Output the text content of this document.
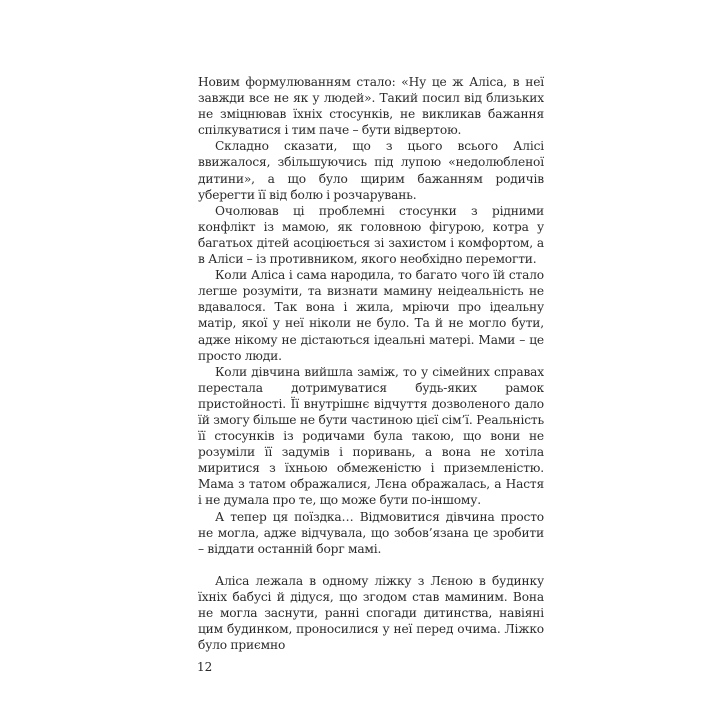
Новим формулюванням стало: «Ну це ж Аліса, в неї завжди все не як у людей». Такий посил від близьких не зміцнював їхніх стосунків, не викликав бажання спілкуватися і тим паче – бути відвертою.

Складно сказати, що з цього всього Алісі ввижалося, збільшуючись під лупою «недолюбленої дитини», а що було щирим бажанням родичів уберегти її від болю і розчарувань.

Очолював ці проблемні стосунки з рідними конфлікт із мамою, як головною фігурою, котра у багатьох дітей асоціюється зі захистом і комфортом, а в Аліси – із противником, якого необхідно перемогти.

Коли Аліса і сама народила, то багато чого їй стало легше розуміти, та визнати мамину неідеальність не вдавалося. Так вона і жила, мріючи про ідеальну матір, якої у неї ніколи не було. Та й не могло бути, адже нікому не дістаються ідеальні матері. Мами – це просто люди.

Коли дівчина вийшла заміж, то у сімейних справах перестала дотримуватися будь-яких рамок пристойності. Її внутрішнє відчуття дозволеного дало їй змогу більше не бути частиною цієї сім’ї. Реальність її стосунків із родичами була такою, що вони не розуміли її задумів і поривань, а вона не хотіла миритися з їхньою обмеженістю і приземленістю. Мама з татом ображалися, Лєна ображалась, а Настя і не думала про те, що може бути по-іншому.

А тепер ця поїздка… Відмовитися дівчина просто не могла, адже відчувала, що зобов’язана це зробити – віддати останній борг мамі.

Аліса лежала в одному ліжку з Лєною в будинку їхніх бабусі й дідуся, що згодом став маминим. Вона не могла заснути, ранні спогади дитинства, навіяні цим будинком, проносилися у неї перед очима. Ліжко було приємно

12
